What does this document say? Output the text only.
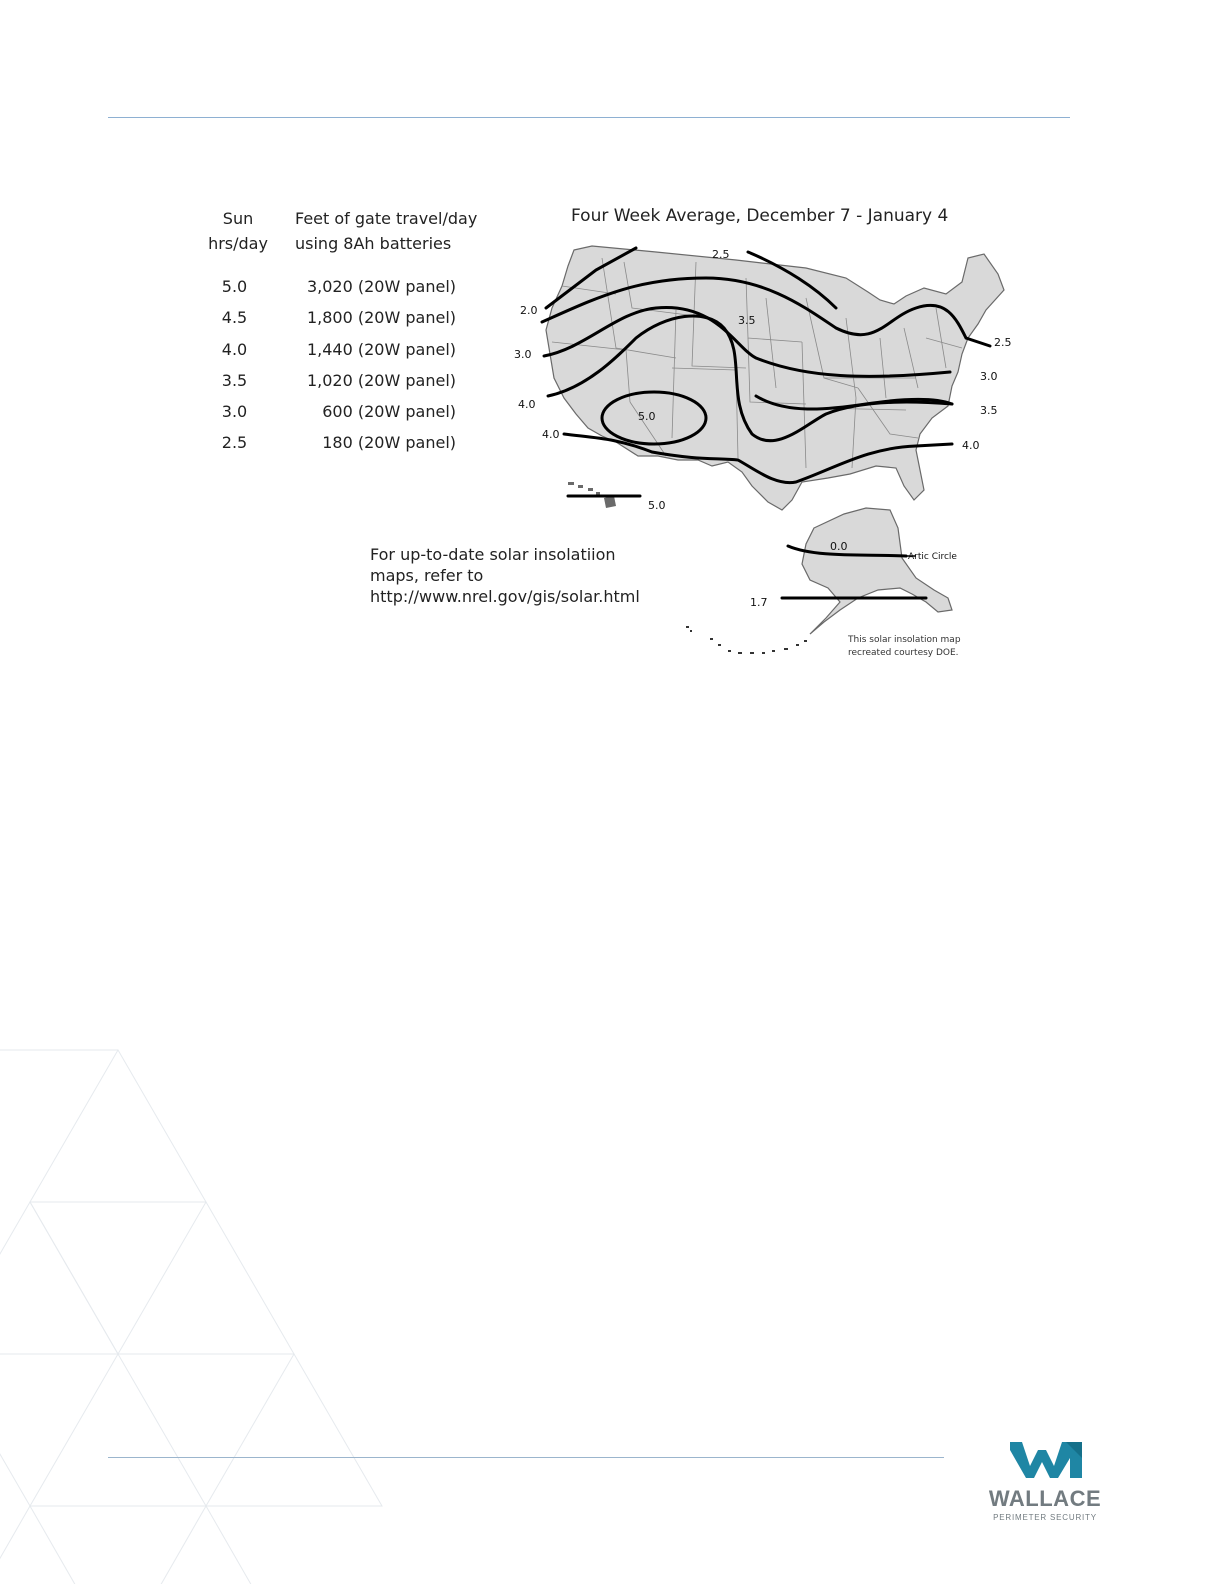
Sun
hrs/day
Feet of gate travel/day
using 8Ah batteries
5.0	3,020 (20W panel)
4.5	1,800 (20W panel)
4.0	1,440 (20W panel)
3.5	1,020 (20W panel)
3.0	600 (20W panel)
2.5	180 (20W panel)
Four Week Average, December 7 - January 4
2.5
2.0
3.0
3.5
4.0
4.0
5.0
2.5
3.0
3.5
4.0
5.0
0.0
1.7
Artic Circle
For up-to-date solar insolatiion
maps, refer to
http://www.nrel.gov/gis/solar.html
This solar insolation map
recreated courtesy DOE.
WALLACE
PERIMETER SECURITY
